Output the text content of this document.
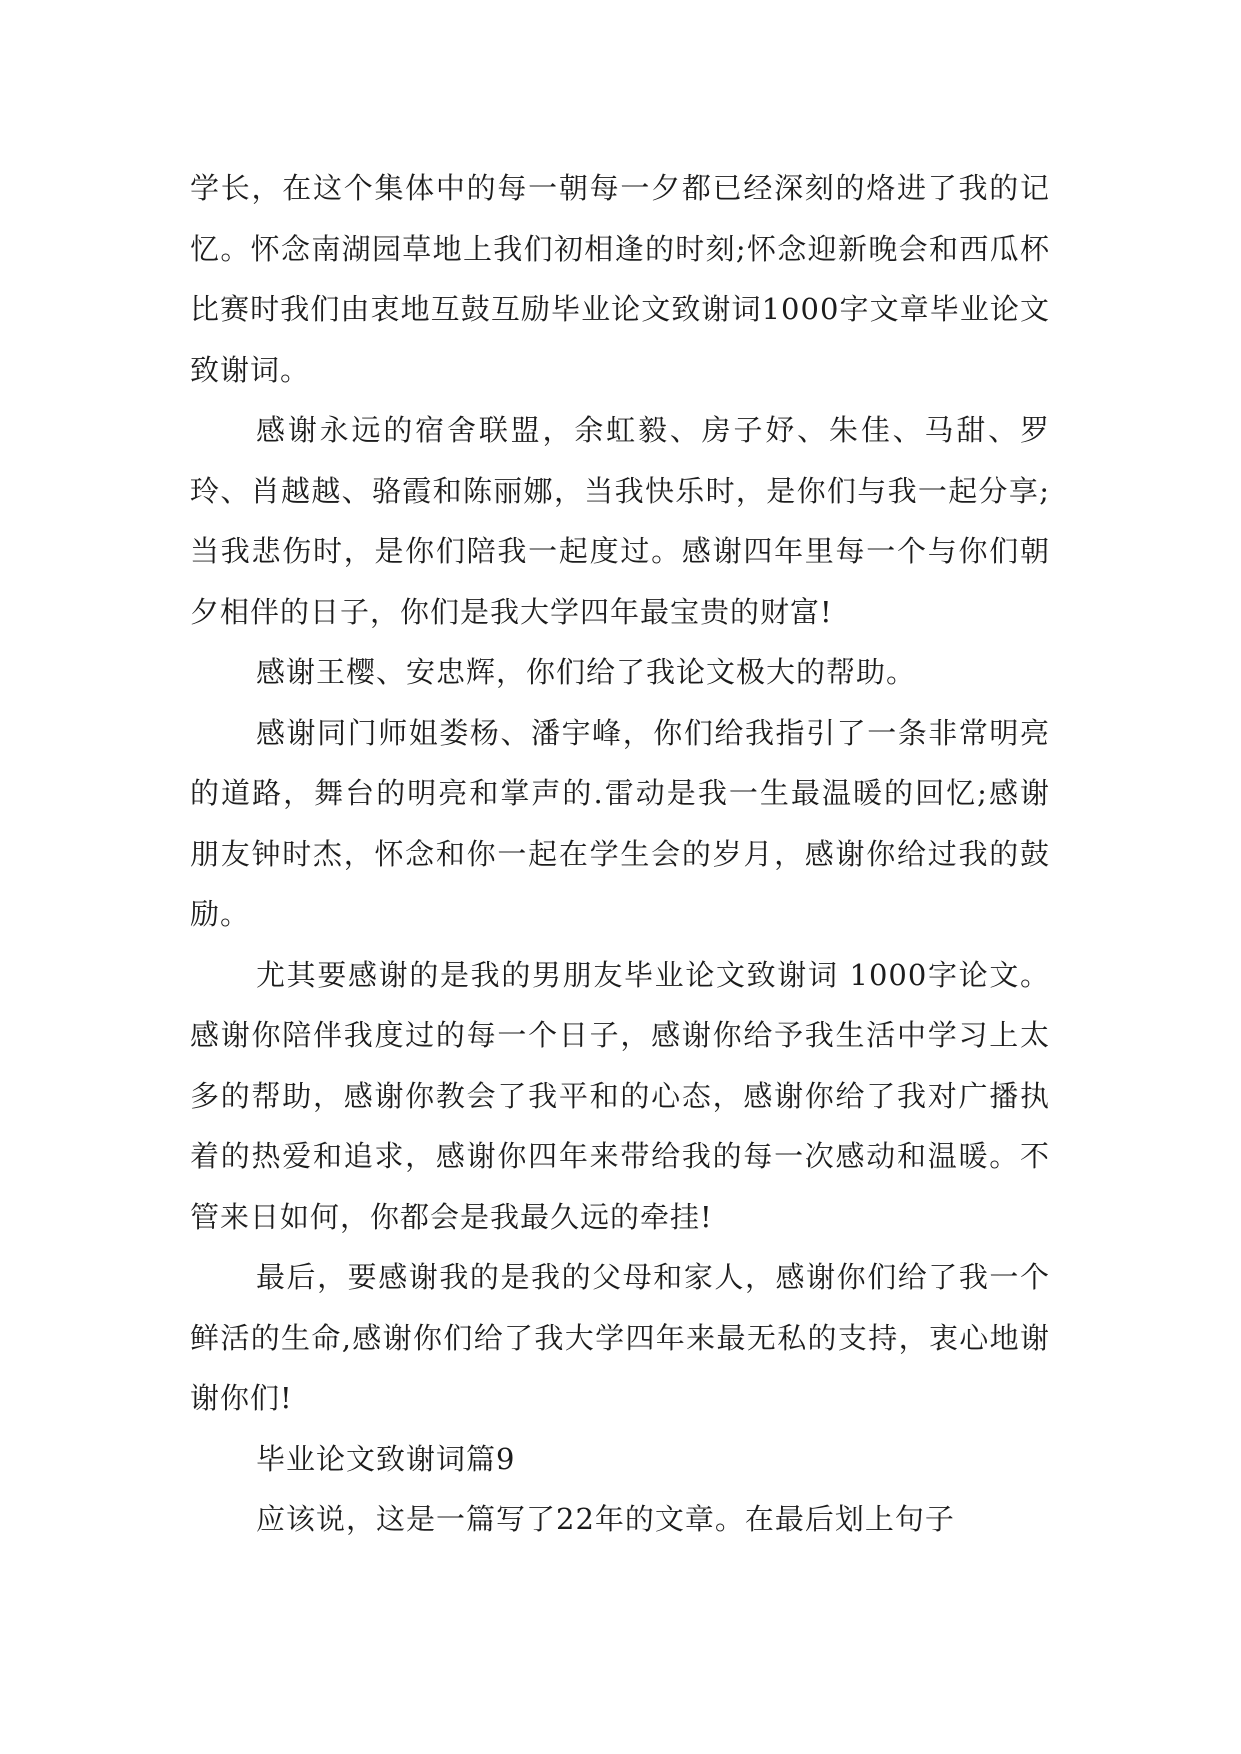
学长，在这个集体中的每一朝每一夕都已经深刻的烙进了我的记忆。怀念南湖园草地上我们初相逢的时刻;怀念迎新晚会和西瓜杯比赛时我们由衷地互鼓互励毕业论文致谢词1000字文章毕业论文致谢词。

感谢永远的宿舍联盟，余虹毅、房子妤、朱佳、马甜、罗玲、肖越越、骆霞和陈丽娜，当我快乐时，是你们与我一起分享;当我悲伤时，是你们陪我一起度过。感谢四年里每一个与你们朝夕相伴的日子，你们是我大学四年最宝贵的财富!

感谢王樱、安忠辉，你们给了我论文极大的帮助。

感谢同门师姐娄杨、潘宇峰，你们给我指引了一条非常明亮的道路，舞台的明亮和掌声的.雷动是我一生最温暖的回忆;感谢朋友钟时杰，怀念和你一起在学生会的岁月，感谢你给过我的鼓励。

尤其要感谢的是我的男朋友毕业论文致谢词 1000字论文。感谢你陪伴我度过的每一个日子，感谢你给予我生活中学习上太多的帮助，感谢你教会了我平和的心态，感谢你给了我对广播执着的热爱和追求，感谢你四年来带给我的每一次感动和温暖。不管来日如何，你都会是我最久远的牵挂!

最后，要感谢我的是我的父母和家人，感谢你们给了我一个鲜活的生命,感谢你们给了我大学四年来最无私的支持，衷心地谢谢你们!

毕业论文致谢词篇9

应该说，这是一篇写了22年的文章。在最后划上句子
